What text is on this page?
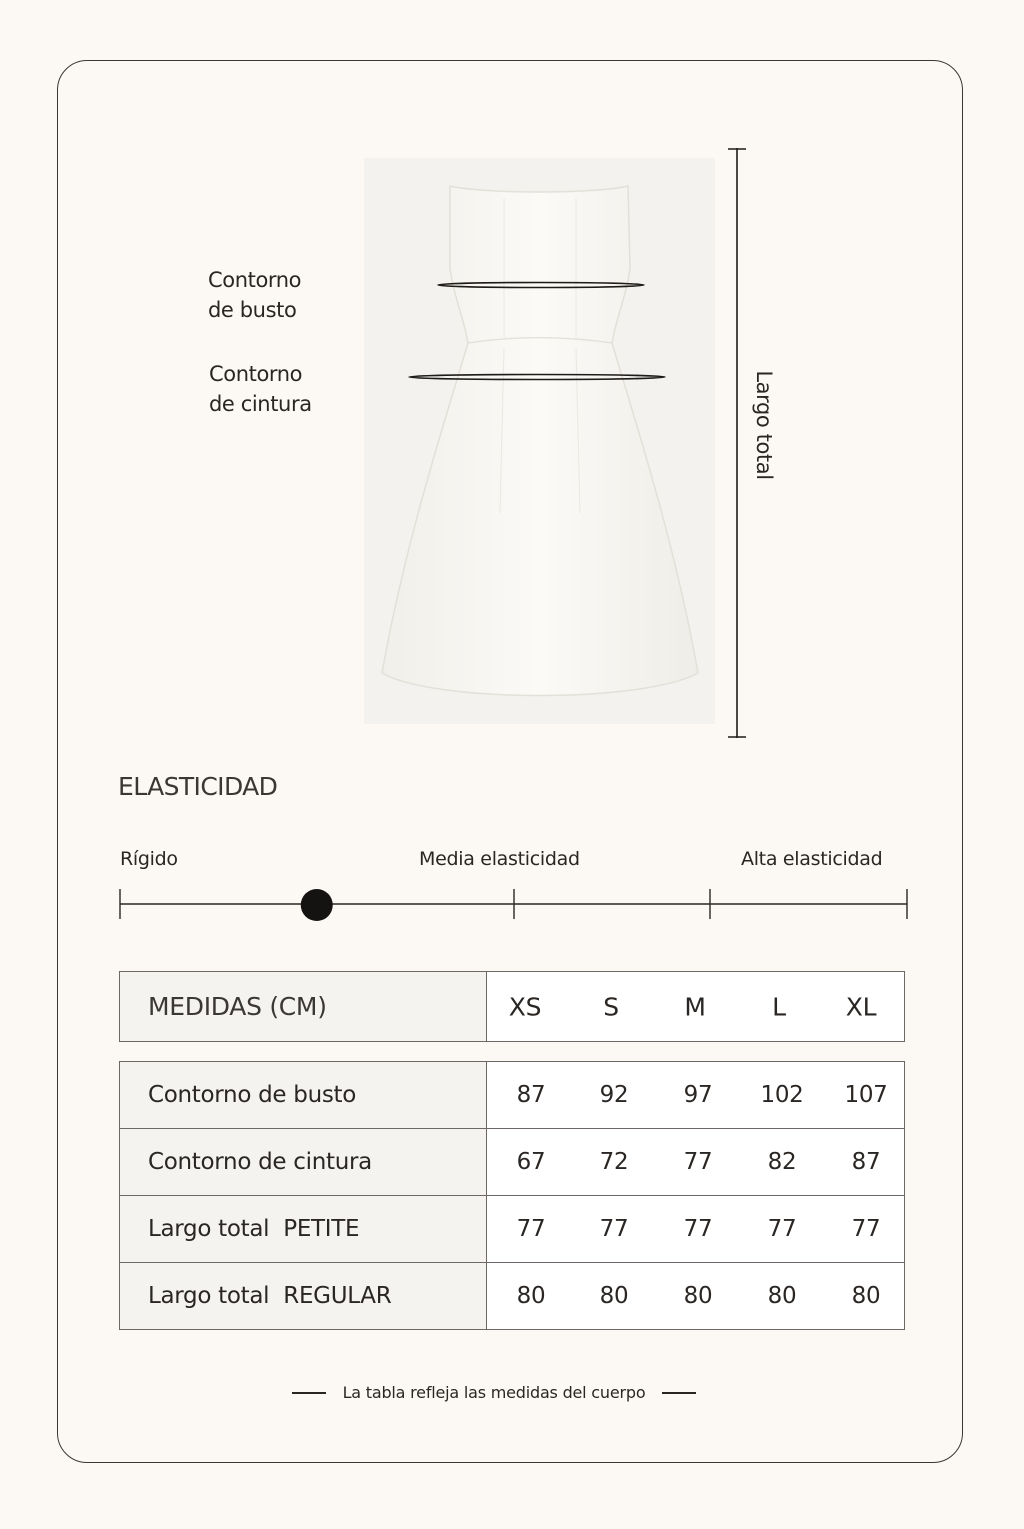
Contorno
de busto
Contorno
de cintura	Largo total
ELASTICIDAD
Rígido	Media elasticidad	Alta elasticidad
MEDIDAS (CM)	XS S	M	L XL
Contorno de busto	87 92 97 102 107

Contorno de cintura	67 72 77 82 87

Largo total  PETITE	77 77 77 77 77

Largo total  REGULAR	80 80 80 80 80
La tabla refleja las medidas del cuerpo
